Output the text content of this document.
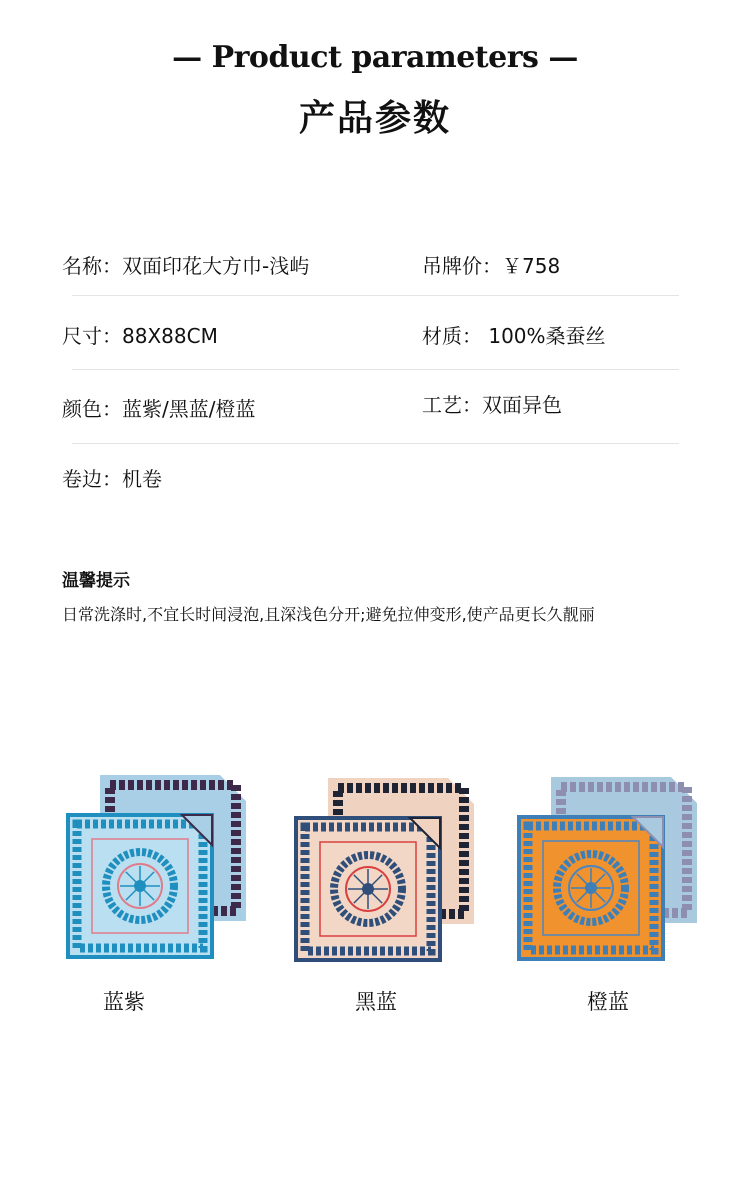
— Product parameters —
产品参数
名称：双面印花大方巾-浅屿	吊牌价：￥758
尺寸：88X88CM	材质： 100%桑蚕丝
颜色：蓝紫/黑蓝/橙蓝	工艺：双面异色
卷边：机卷
温馨提示
日常洗涤时,不宜长时间浸泡,且深浅色分开;避免拉伸变形,使产品更长久靓丽
蓝紫	黑蓝	橙蓝
